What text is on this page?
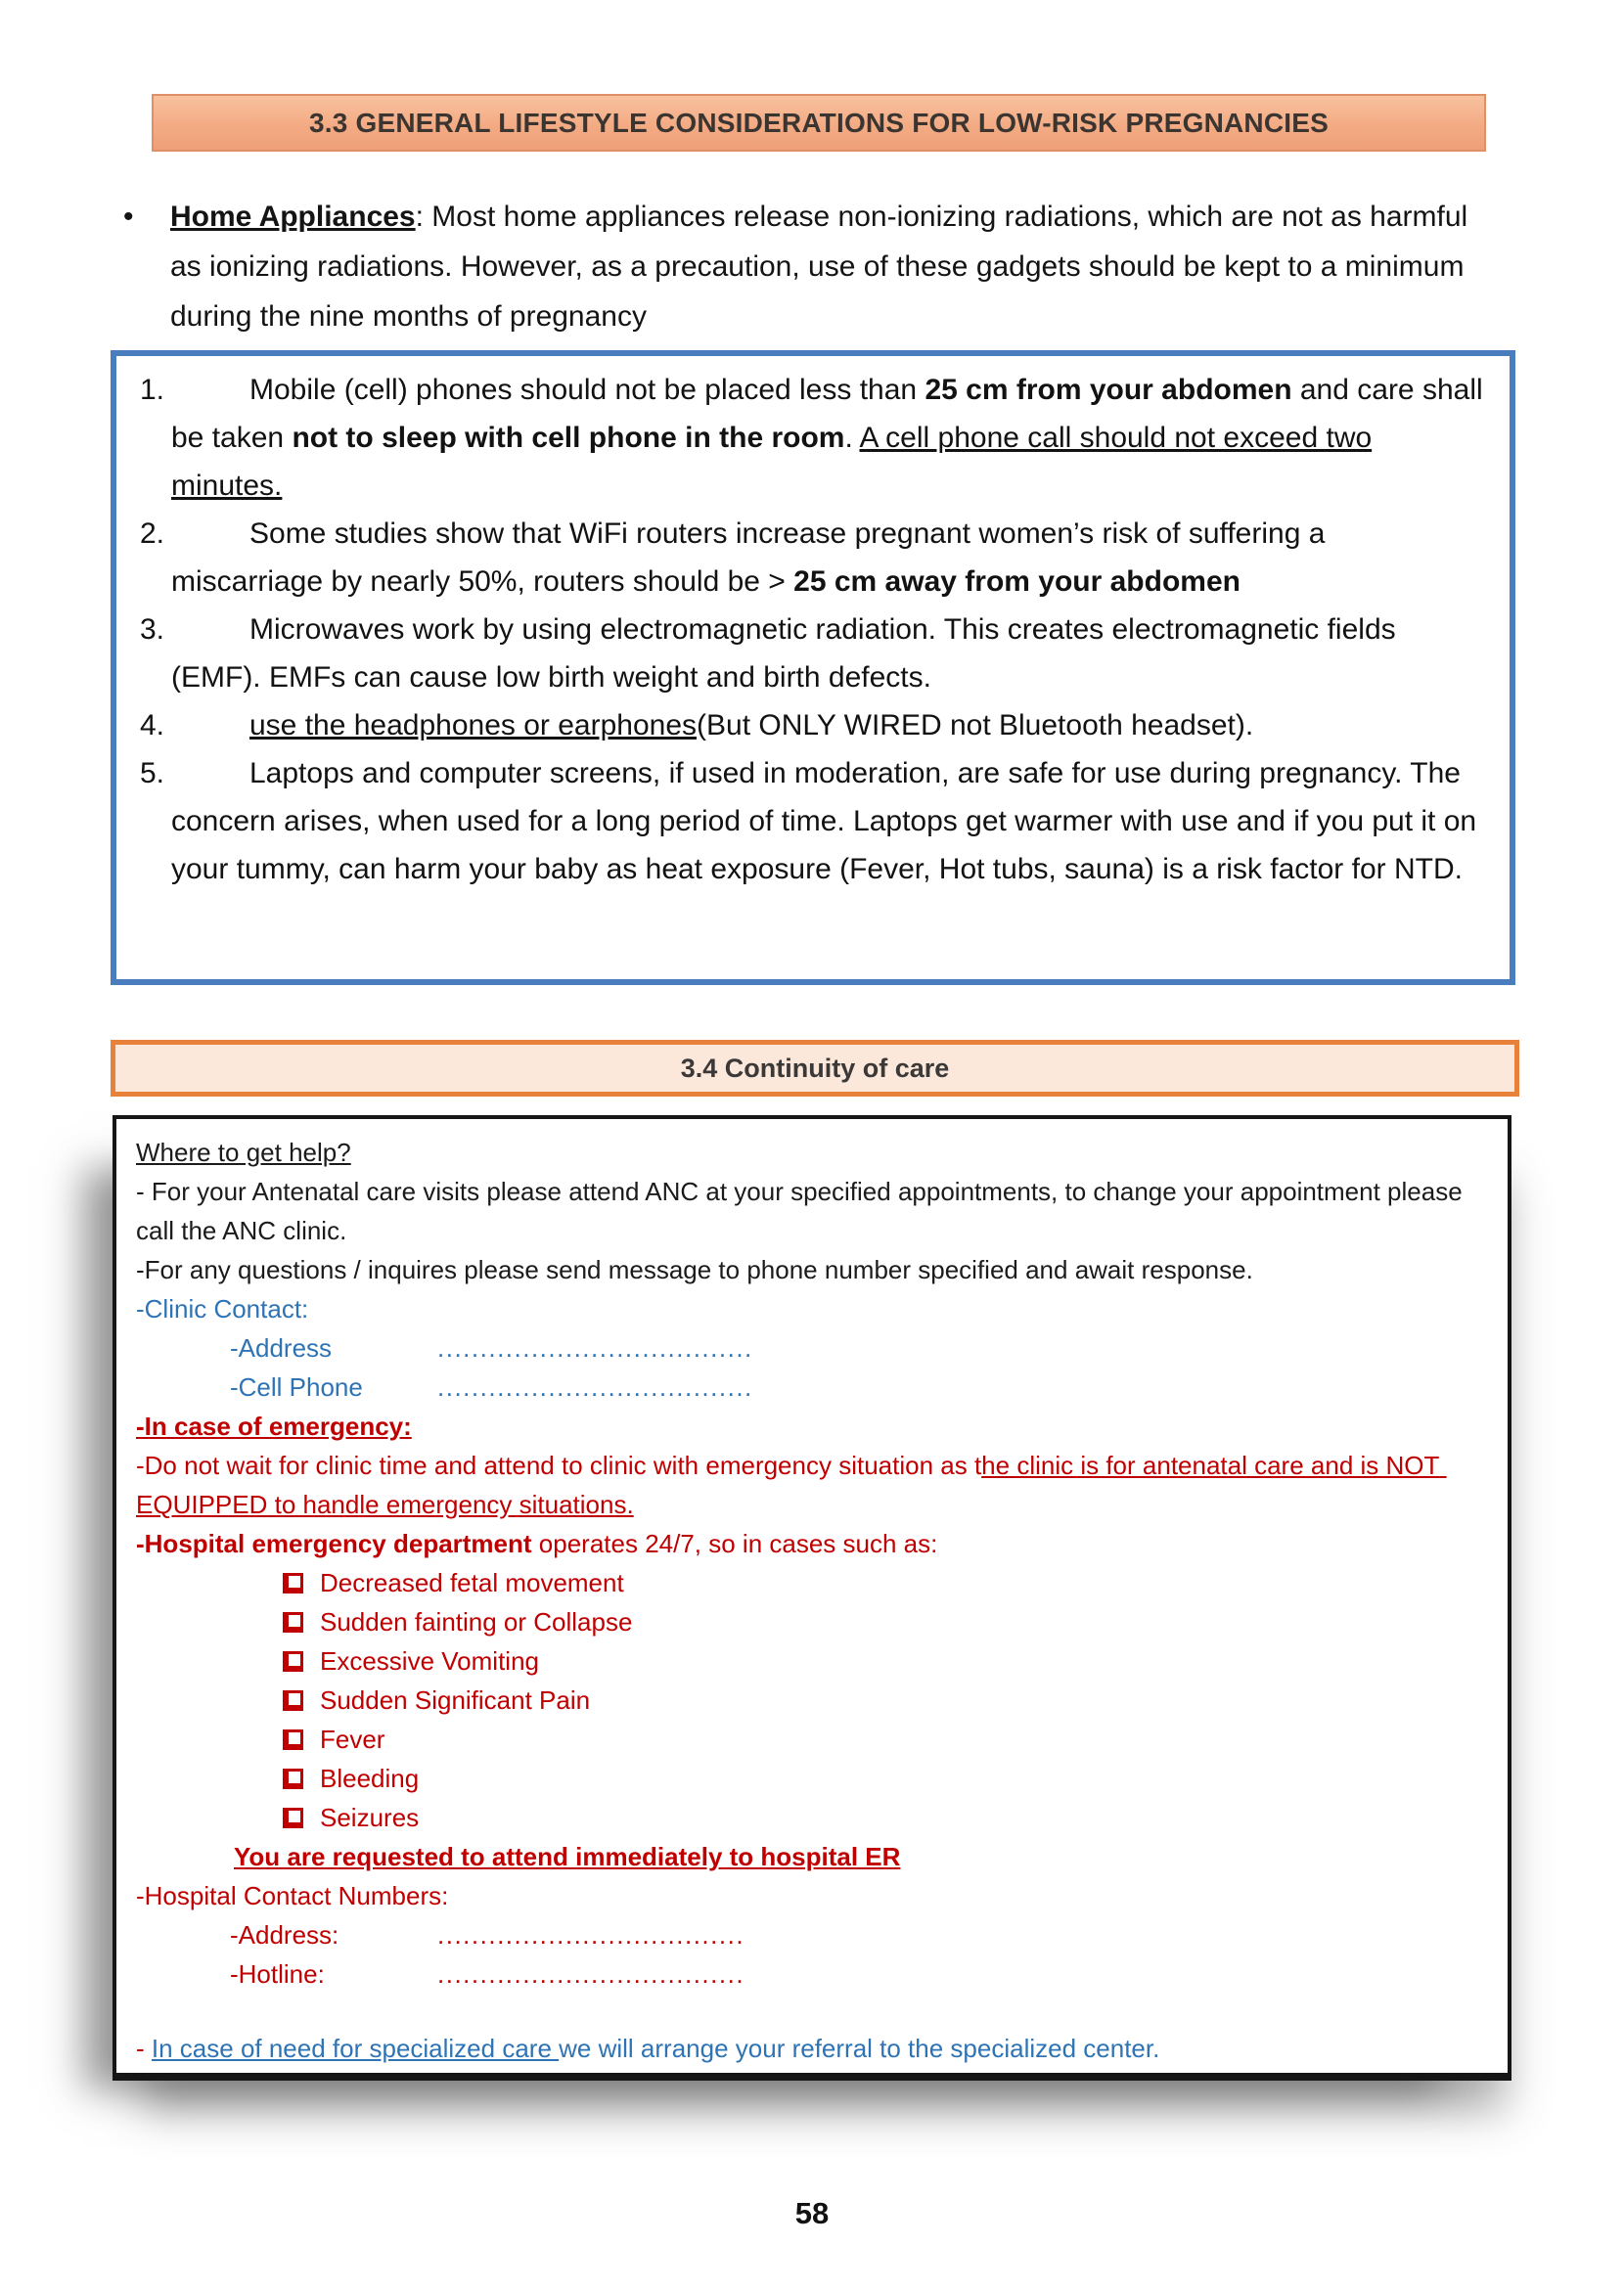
3.3 GENERAL LIFESTYLE CONSIDERATIONS FOR LOW-RISK PREGNANCIES
•	Home Appliances: Most home appliances release non-ionizing radiations, which are not as harmful as ionizing radiations. However, as a precaution, use of these gadgets should be kept to a minimum during the nine months of pregnancy
1.	Mobile (cell) phones should not be placed less than 25 cm from your abdomen and care shall be taken not to sleep with cell phone in the room. A cell phone call should not exceed two minutes.
2.	Some studies show that WiFi routers increase pregnant women’s risk of suffering a miscarriage by nearly 50%, routers should be > 25 cm away from your abdomen
3.	Microwaves work by using electromagnetic radiation. This creates electromagnetic fields (EMF). EMFs can cause low birth weight and birth defects.
4.	use the headphones or earphones(But ONLY WIRED not Bluetooth headset).
5.	Laptops and computer screens, if used in moderation, are safe for use during pregnancy. The concern arises, when used for a long period of time. Laptops get warmer with use and if you put it on your tummy, can harm your baby as heat exposure (Fever, Hot tubs, sauna) is a risk factor for NTD.
3.4 Continuity of care
Where to get help?
- For your Antenatal care visits please attend ANC at your specified appointments, to change your appointment please call the ANC clinic.
-For any questions / inquires please send message to phone number specified and await response.
-Clinic Contact:
-Address	.....................................
-Cell Phone	.....................................
-In case of emergency:
-Do not wait for clinic time and attend to clinic with emergency situation as the clinic is for antenatal care and is NOT EQUIPPED to handle emergency situations.
-Hospital emergency department operates 24/7, so in cases such as:
Decreased fetal movement
Sudden fainting or Collapse
Excessive Vomiting
Sudden Significant Pain
Fever
Bleeding
Seizures
You are requested to attend immediately to hospital ER
-Hospital Contact Numbers:
-Address:	....................................
-Hotline:	....................................
- In case of need for specialized care we will arrange your referral to the specialized center.
58
